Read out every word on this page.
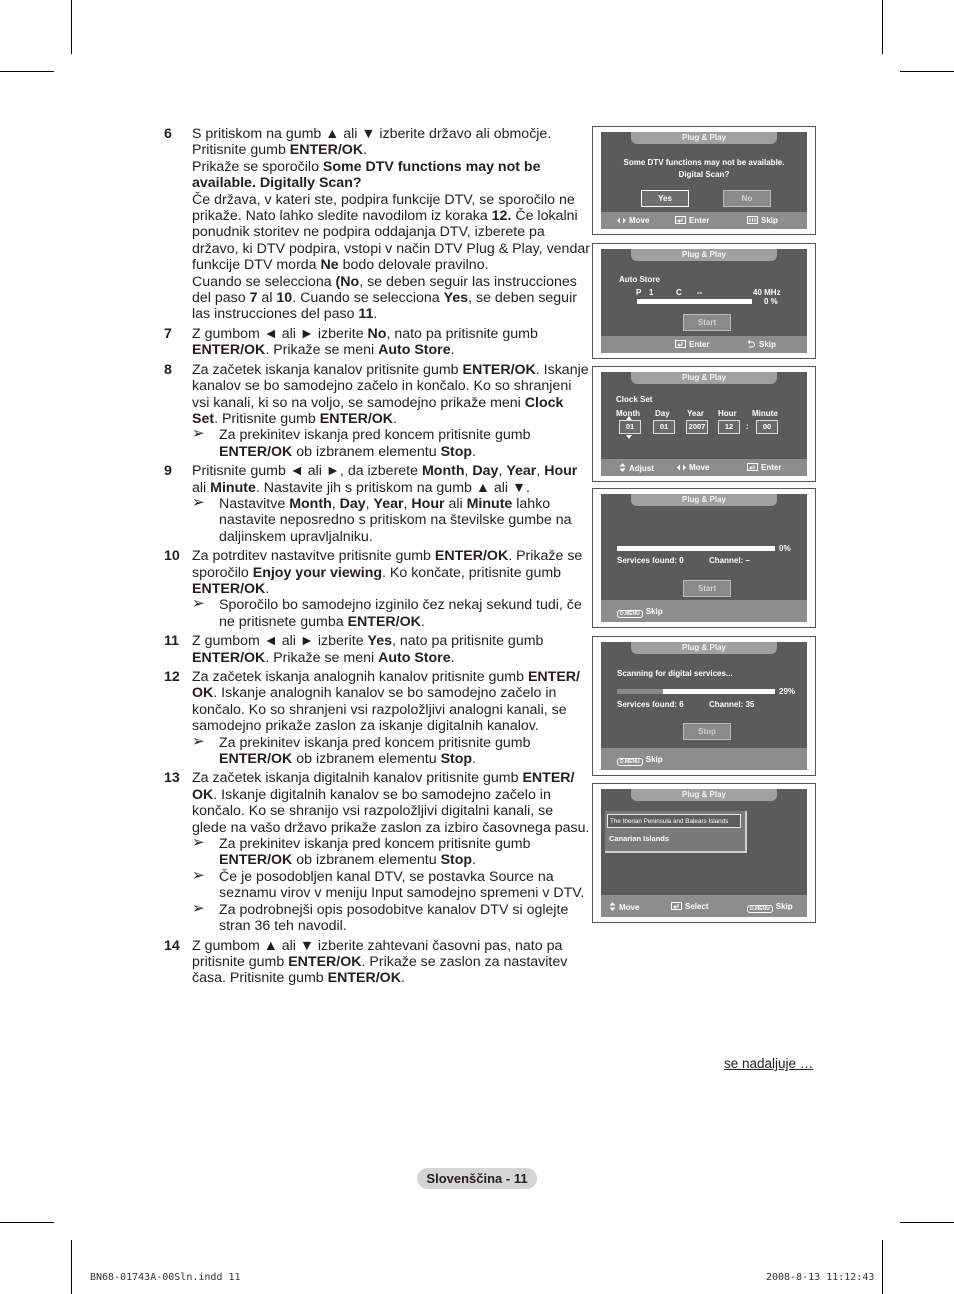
6 S pritiskom na gumb ▲ ali ▼ izberite državo ali območje. Pritisnite gumb ENTER/OK.
Prikaže se sporočilo Some DTV functions may not be available. Digitally Scan?
Če država, v kateri ste, podpira funkcije DTV, se sporočilo ne prikaže. Nato lahko sledite navodilom iz koraka 12. Če lokalni ponudnik storitev ne podpira oddajanja DTV, izberete pa državo, ki DTV podpira, vstopi v način DTV Plug & Play, vendar funkcije DTV morda Ne bodo delovale pravilno.
Cuando se selecciona (No, se deben seguir las instrucciones del paso 7 al 10. Cuando se selecciona Yes, se deben seguir las instrucciones del paso 11.
7 Z gumbom ◄ ali ► izberite No, nato pa pritisnite gumb ENTER/OK. Prikaže se meni Auto Store.
8 Za začetek iskanja kanalov pritisnite gumb ENTER/OK. Iskanje kanalov se bo samodejno začelo in končalo. Ko so shranjeni vsi kanali, ki so na voljo, se samodejno prikaže meni Clock Set. Pritisnite gumb ENTER/OK.
➢ Za prekinitev iskanja pred koncem pritisnite gumb ENTER/OK ob izbranem elementu Stop.
9 Pritisnite gumb ◄ ali ►, da izberete Month, Day, Year, Hour ali Minute. Nastavite jih s pritiskom na gumb ▲ ali ▼.
➢ Nastavitve Month, Day, Year, Hour ali Minute lahko nastavite neposredno s pritiskom na številske gumbe na daljinskem upravljalniku.
10 Za potrditev nastavitve pritisnite gumb ENTER/OK. Prikaže se sporočilo Enjoy your viewing. Ko končate, pritisnite gumb ENTER/OK.
➢ Sporočilo bo samodejno izginilo čez nekaj sekund tudi, če ne pritisnete gumba ENTER/OK.
11 Z gumbom ◄ ali ► izberite Yes, nato pa pritisnite gumb ENTER/OK. Prikaže se meni Auto Store.
12 Za začetek iskanja analognih kanalov pritisnite gumb ENTER/ OK. Iskanje analognih kanalov se bo samodejno začelo in končalo. Ko so shranjeni vsi razpoložljivi analogni kanali, se samodejno prikaže zaslon za iskanje digitalnih kanalov.
➢ Za prekinitev iskanja pred koncem pritisnite gumb ENTER/OK ob izbranem elementu Stop.
13 Za začetek iskanja digitalnih kanalov pritisnite gumb ENTER/ OK. Iskanje digitalnih kanalov se bo samodejno začelo in končalo. Ko se shranijo vsi razpoložljivi digitalni kanali, se glede na vašo državo prikaže zaslon za izbiro časovnega pasu.
➢ Za prekinitev iskanja pred koncem pritisnite gumb ENTER/OK ob izbranem elementu Stop.
➢ Če je posodobljen kanal DTV, se postavka Source na seznamu virov v meniju Input samodejno spremeni v DTV.
➢ Za podrobnejši opis posodobitve kanalov DTV si oglejte stran 36 teh navodil.
14 Z gumbom ▲ ali ▼ izberite zahtevani časovni pas, nato pa pritisnite gumb ENTER/OK. Prikaže se zaslon za nastavitev časa. Pritisnite gumb ENTER/OK.
Plug & Play
Some DTV functions may not be available.
Digital Scan?
Yes	No
Move	Enter	Skip
Plug & Play
Auto Store
P 1	C --	40 MHz
0 %
Start
Enter	Skip
Plug & Play
Clock Set
Month Day Year Hour Minute
01	01	2007	12	:	00
Adjust	Move	Enter
Plug & Play
0%
Services found: 0	Channel: –
Start
D.MENU Skip
Plug & Play
Scanning for digital services...
29%
Services found: 6	Channel: 35
Stop
D.MENU Skip
Plug & Play
The Iberian Peninsula and Balears Islands
Canarian Islands
Move	Select	D.MENU Skip
se nadaljuje …
Slovenščina - 11
BN68-01743A-00Sln.indd 11	2008-8-13 11:12:43
